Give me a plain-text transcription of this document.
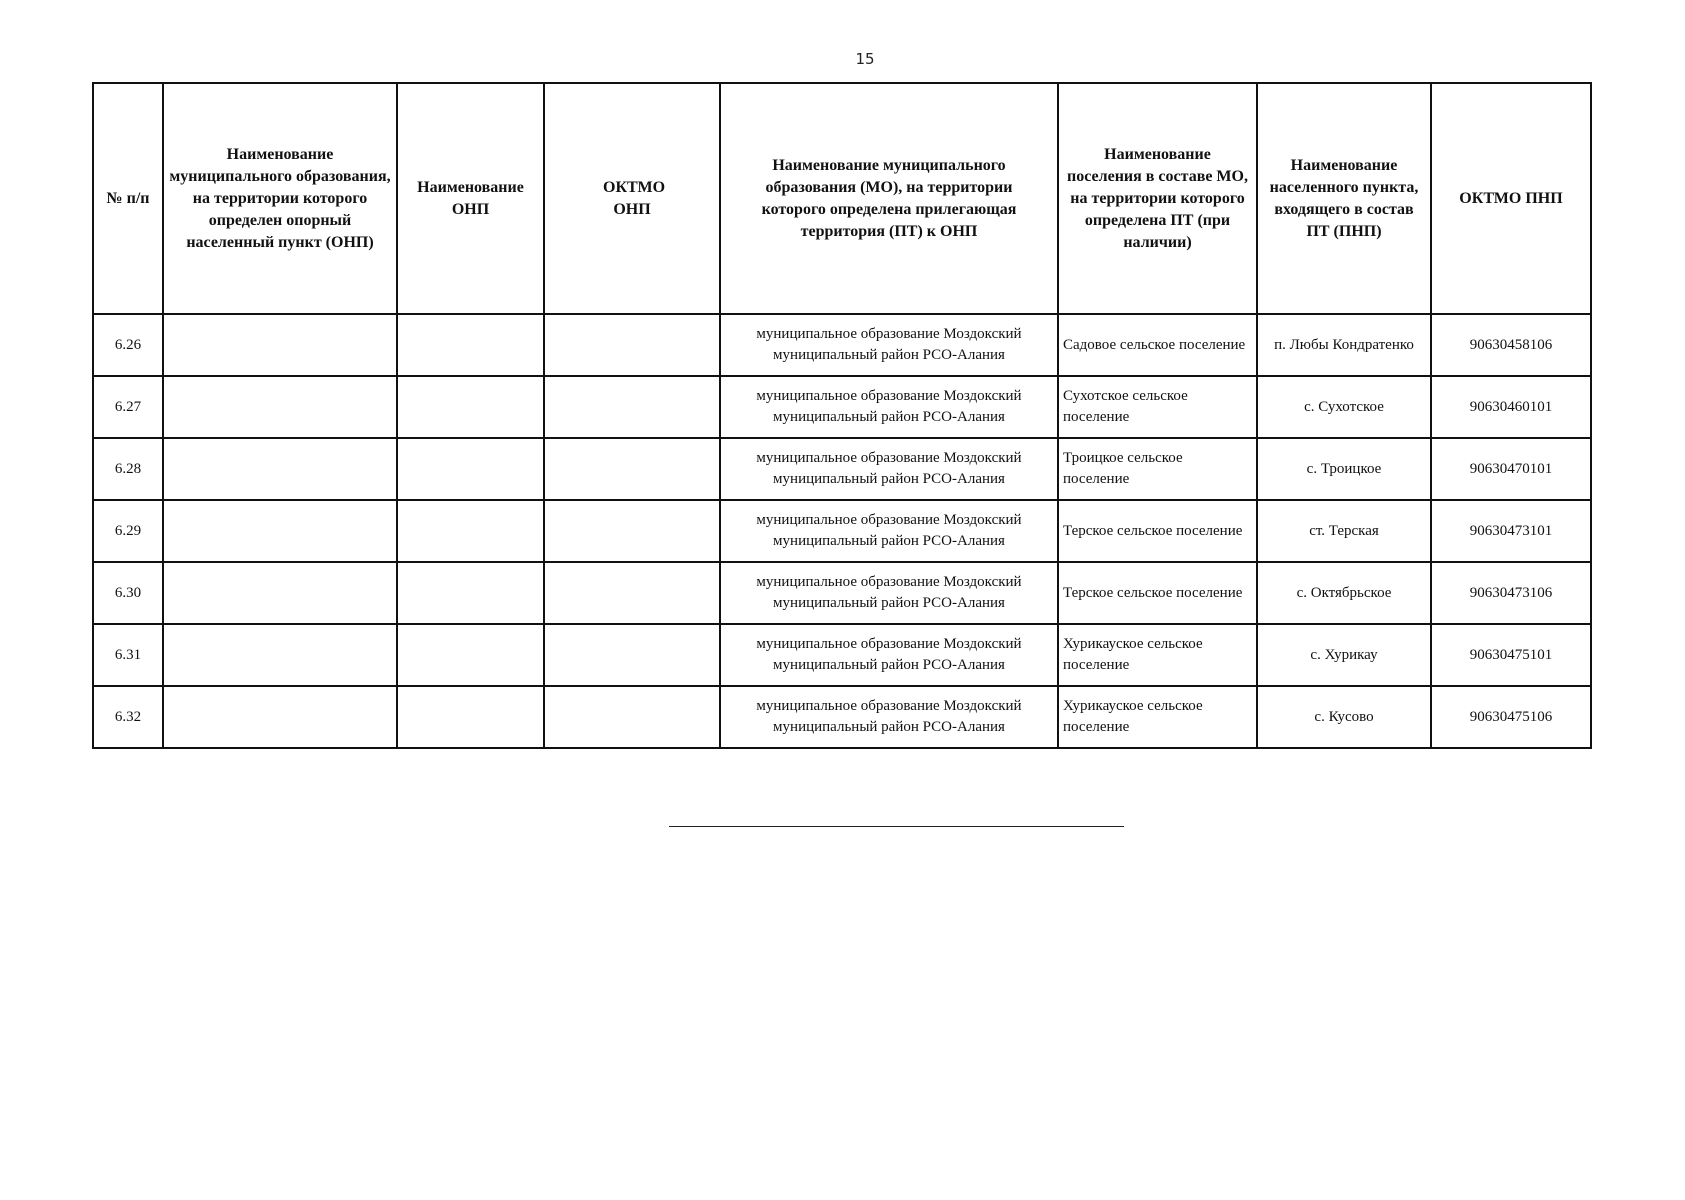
15
№ п/п	Наименование муниципального образования, на территории которого определен опорный населенный пункт (ОНП)	Наименование ОНП	ОКТМО ОНП	Наименование муниципального образования (МО), на территории которого определена прилегающая территория (ПТ) к ОНП	Наименование поселения в составе МО, на территории которого определена ПТ (при наличии)	Наименование населенного пункта, входящего в состав ПТ (ПНП)	ОКТМО ПНП
6.26				муниципальное образование Моздокский муниципальный район РСО-Алания	Садовое сельское поселение	п. Любы Кондратенко	90630458106
6.27				муниципальное образование Моздокский муниципальный район РСО-Алания	Сухотское сельское поселение	с. Сухотское	90630460101
6.28				муниципальное образование Моздокский муниципальный район РСО-Алания	Троицкое сельское поселение	с. Троицкое	90630470101
6.29				муниципальное образование Моздокский муниципальный район РСО-Алания	Терское сельское поселение	ст. Терская	90630473101
6.30				муниципальное образование Моздокский муниципальный район РСО-Алания	Терское сельское поселение	с. Октябрьское	90630473106
6.31				муниципальное образование Моздокский муниципальный район РСО-Алания	Хурикауское сельское поселение	с. Хурикау	90630475101
6.32				муниципальное образование Моздокский муниципальный район РСО-Алания	Хурикауское сельское поселение	с. Кусово	90630475106
